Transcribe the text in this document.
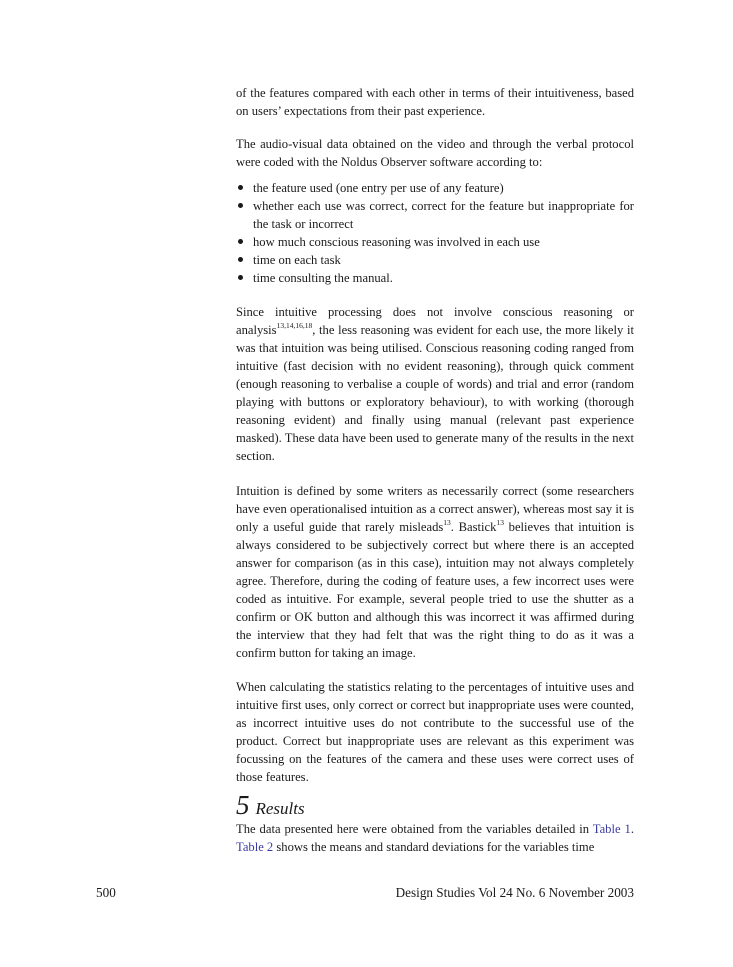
of the features compared with each other in terms of their intuitiveness, based on users’ expectations from their past experience.

The audio-visual data obtained on the video and through the verbal protocol were coded with the Noldus Observer software according to:

the feature used (one entry per use of any feature)
whether each use was correct, correct for the feature but inappropriate for the task or incorrect
how much conscious reasoning was involved in each use
time on each task
time consulting the manual.

Since intuitive processing does not involve conscious reasoning or analysis$^{13,14,16,18}$, the less reasoning was evident for each use, the more likely it was that intuition was being utilised. Conscious reasoning coding ranged from intuitive (fast decision with no evident reasoning), through quick comment (enough reasoning to verbalise a couple of words) and trial and error (random playing with buttons or exploratory behaviour), to with working (thorough reasoning evident) and finally using manual (relevant past experience masked). These data have been used to generate many of the results in the next section.

Intuition is defined by some writers as necessarily correct (some researchers have even operationalised intuition as a correct answer), whereas most say it is only a useful guide that rarely misleads$^{13}$. Bastick$^{13}$ believes that intuition is always considered to be subjectively correct but where there is an accepted answer for comparison (as in this case), intuition may not always completely agree. Therefore, during the coding of feature uses, a few incorrect uses were coded as intuitive. For example, several people tried to use the shutter as a confirm or OK button and although this was incorrect it was affirmed during the interview that they had felt that was the right thing to do as it was a confirm button for taking an image.

When calculating the statistics relating to the percentages of intuitive uses and intuitive first uses, only correct or correct but inappropriate uses were counted, as incorrect intuitive uses do not contribute to the successful use of the product. Correct but inappropriate uses are relevant as this experiment was focussing on the features of the camera and these uses were correct uses of those features.

5 Results

The data presented here were obtained from the variables detailed in Table 1. Table 2 shows the means and standard deviations for the variables time

500	Design Studies Vol 24 No. 6 November 2003
